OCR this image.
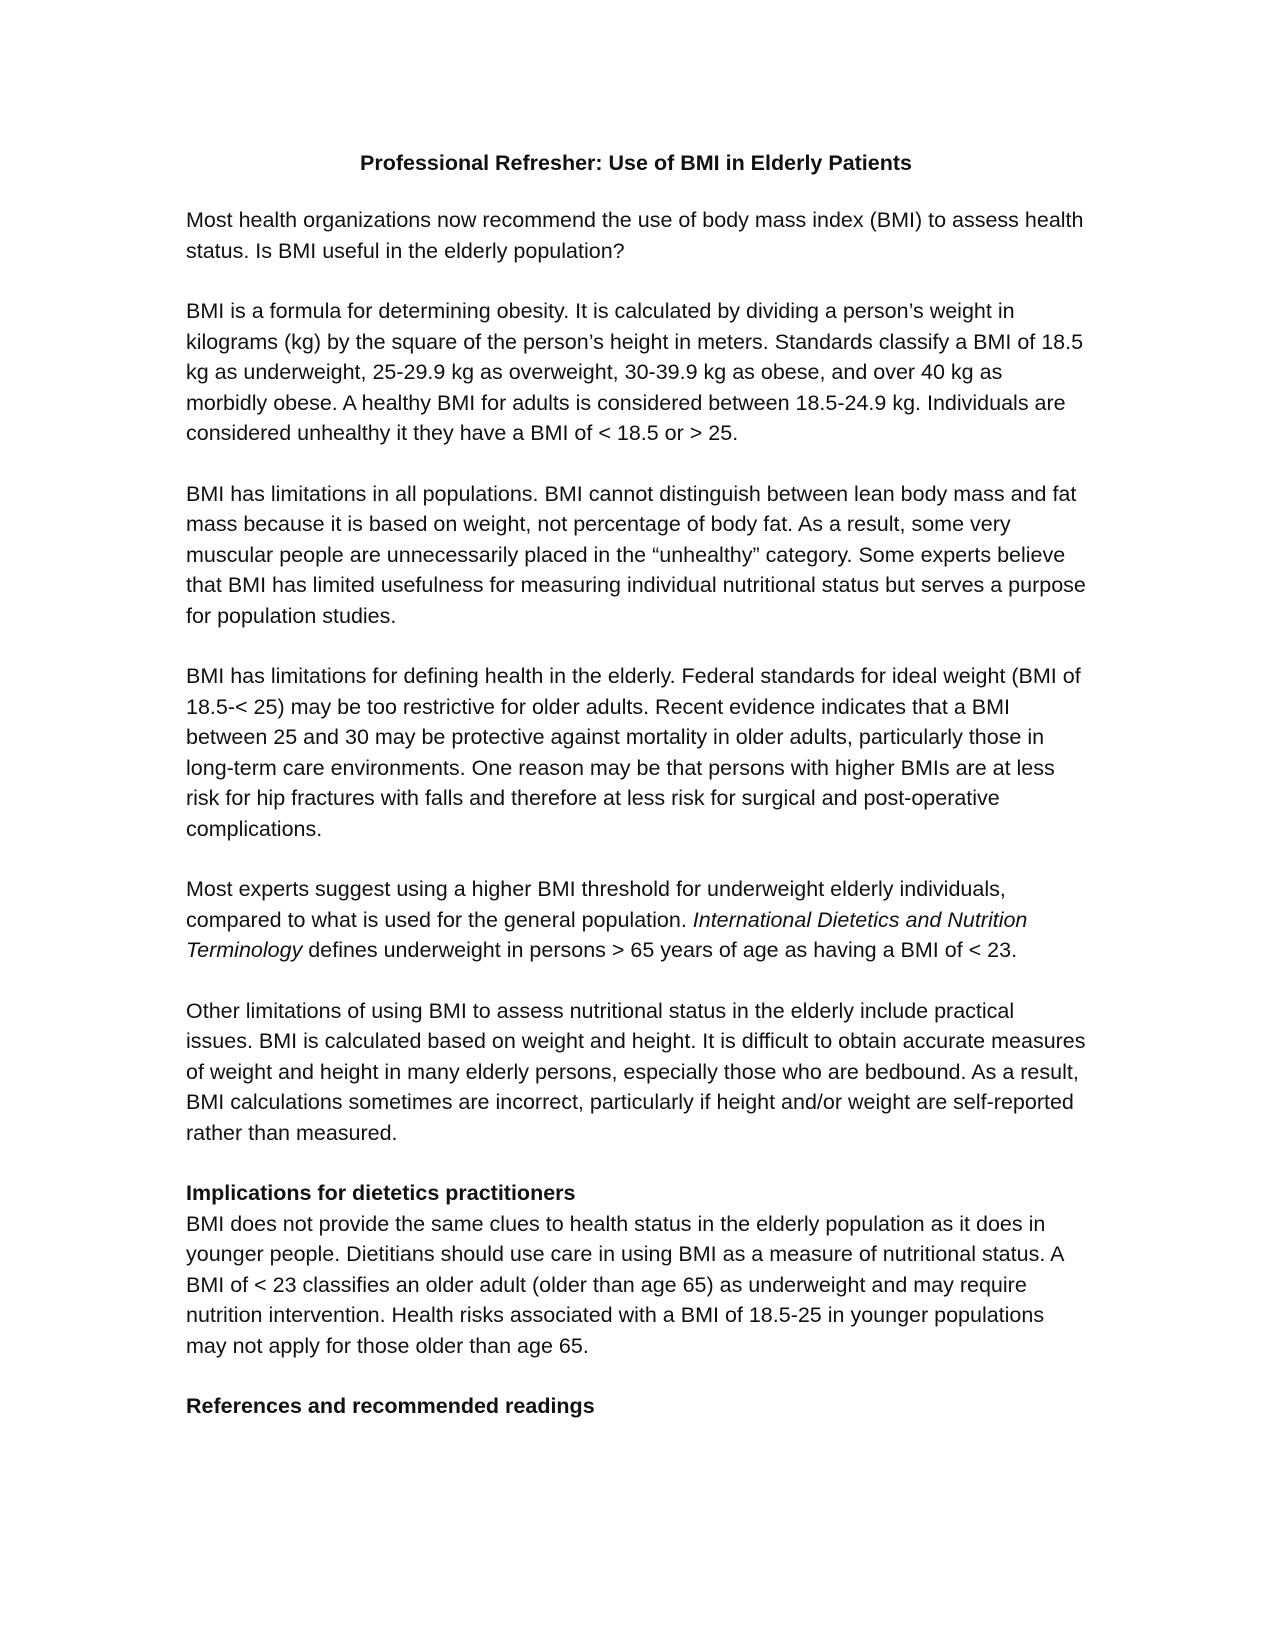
Professional Refresher: Use of BMI in Elderly Patients

Most health organizations now recommend the use of body mass index (BMI) to assess health status. Is BMI useful in the elderly population?

BMI is a formula for determining obesity. It is calculated by dividing a person’s weight in kilograms (kg) by the square of the person’s height in meters. Standards classify a BMI of 18.5 kg as underweight, 25-29.9 kg as overweight, 30-39.9 kg as obese, and over 40 kg as morbidly obese. A healthy BMI for adults is considered between 18.5-24.9 kg. Individuals are considered unhealthy it they have a BMI of < 18.5 or > 25.

BMI has limitations in all populations. BMI cannot distinguish between lean body mass and fat mass because it is based on weight, not percentage of body fat. As a result, some very muscular people are unnecessarily placed in the “unhealthy” category. Some experts believe that BMI has limited usefulness for measuring individual nutritional status but serves a purpose for population studies.

BMI has limitations for defining health in the elderly. Federal standards for ideal weight (BMI of 18.5-< 25) may be too restrictive for older adults. Recent evidence indicates that a BMI between 25 and 30 may be protective against mortality in older adults, particularly those in long-term care environments. One reason may be that persons with higher BMIs are at less risk for hip fractures with falls and therefore at less risk for surgical and post-operative complications.

Most experts suggest using a higher BMI threshold for underweight elderly individuals, compared to what is used for the general population. International Dietetics and Nutrition Terminology defines underweight in persons > 65 years of age as having a BMI of < 23.

Other limitations of using BMI to assess nutritional status in the elderly include practical issues. BMI is calculated based on weight and height. It is difficult to obtain accurate measures of weight and height in many elderly persons, especially those who are bedbound. As a result, BMI calculations sometimes are incorrect, particularly if height and/or weight are self-reported rather than measured.

Implications for dietetics practitioners

BMI does not provide the same clues to health status in the elderly population as it does in younger people. Dietitians should use care in using BMI as a measure of nutritional status. A BMI of < 23 classifies an older adult (older than age 65) as underweight and may require nutrition intervention. Health risks associated with a BMI of 18.5-25 in younger populations may not apply for those older than age 65.

References and recommended readings
